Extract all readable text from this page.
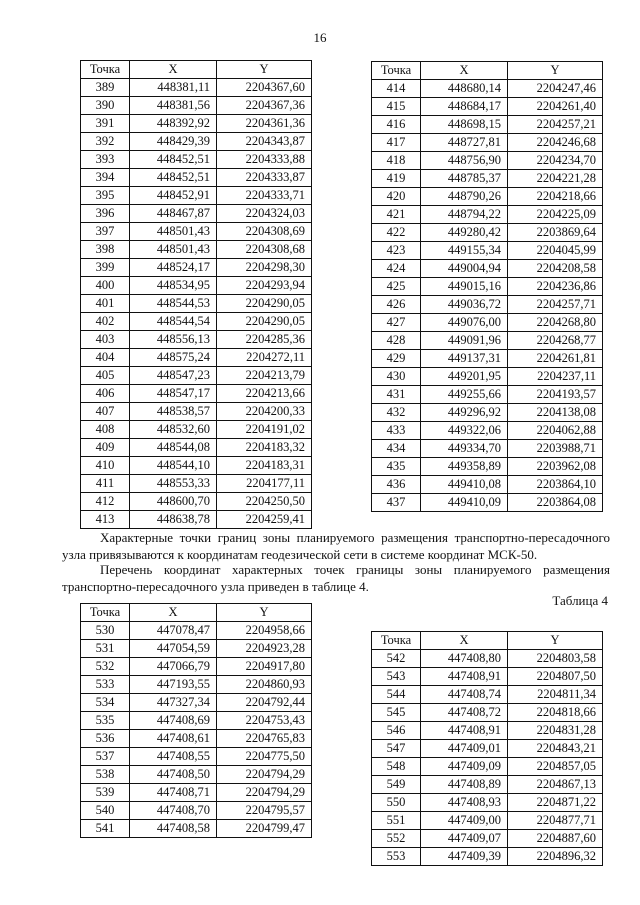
16
Точка	X	Y
389	448381,11	2204367,60
390	448381,56	2204367,36
391	448392,92	2204361,36
392	448429,39	2204343,87
393	448452,51	2204333,88
394	448452,51	2204333,87
395	448452,91	2204333,71
396	448467,87	2204324,03
397	448501,43	2204308,69
398	448501,43	2204308,68
399	448524,17	2204298,30
400	448534,95	2204293,94
401	448544,53	2204290,05
402	448544,54	2204290,05
403	448556,13	2204285,36
404	448575,24	2204272,11
405	448547,23	2204213,79
406	448547,17	2204213,66
407	448538,57	2204200,33
408	448532,60	2204191,02
409	448544,08	2204183,32
410	448544,10	2204183,31
411	448553,33	2204177,11
412	448600,70	2204250,50
413	448638,78	2204259,41
Точка	X	Y
414	448680,14	2204247,46
415	448684,17	2204261,40
416	448698,15	2204257,21
417	448727,81	2204246,68
418	448756,90	2204234,70
419	448785,37	2204221,28
420	448790,26	2204218,66
421	448794,22	2204225,09
422	449280,42	2203869,64
423	449155,34	2204045,99
424	449004,94	2204208,58
425	449015,16	2204236,86
426	449036,72	2204257,71
427	449076,00	2204268,80
428	449091,96	2204268,77
429	449137,31	2204261,81
430	449201,95	2204237,11
431	449255,66	2204193,57
432	449296,92	2204138,08
433	449322,06	2204062,88
434	449334,70	2203988,71
435	449358,89	2203962,08
436	449410,08	2203864,10
437	449410,09	2203864,08
Характерные точки границ зоны планируемого размещения транспортно-пересадочного узла привязываются к координатам геодезической сети в системе координат МСК-50.
Перечень координат характерных точек границы зоны планируемого размещения транспортно-пересадочного узла приведен в таблице 4.
Таблица 4
Точка	X	Y
530	447078,47	2204958,66
531	447054,59	2204923,28
532	447066,79	2204917,80
533	447193,55	2204860,93
534	447327,34	2204792,44
535	447408,69	2204753,43
536	447408,61	2204765,83
537	447408,55	2204775,50
538	447408,50	2204794,29
539	447408,71	2204794,29
540	447408,70	2204795,57
541	447408,58	2204799,47
Точка	X	Y
542	447408,80	2204803,58
543	447408,91	2204807,50
544	447408,74	2204811,34
545	447408,72	2204818,66
546	447408,91	2204831,28
547	447409,01	2204843,21
548	447409,09	2204857,05
549	447408,89	2204867,13
550	447408,93	2204871,22
551	447409,00	2204877,71
552	447409,07	2204887,60
553	447409,39	2204896,32
